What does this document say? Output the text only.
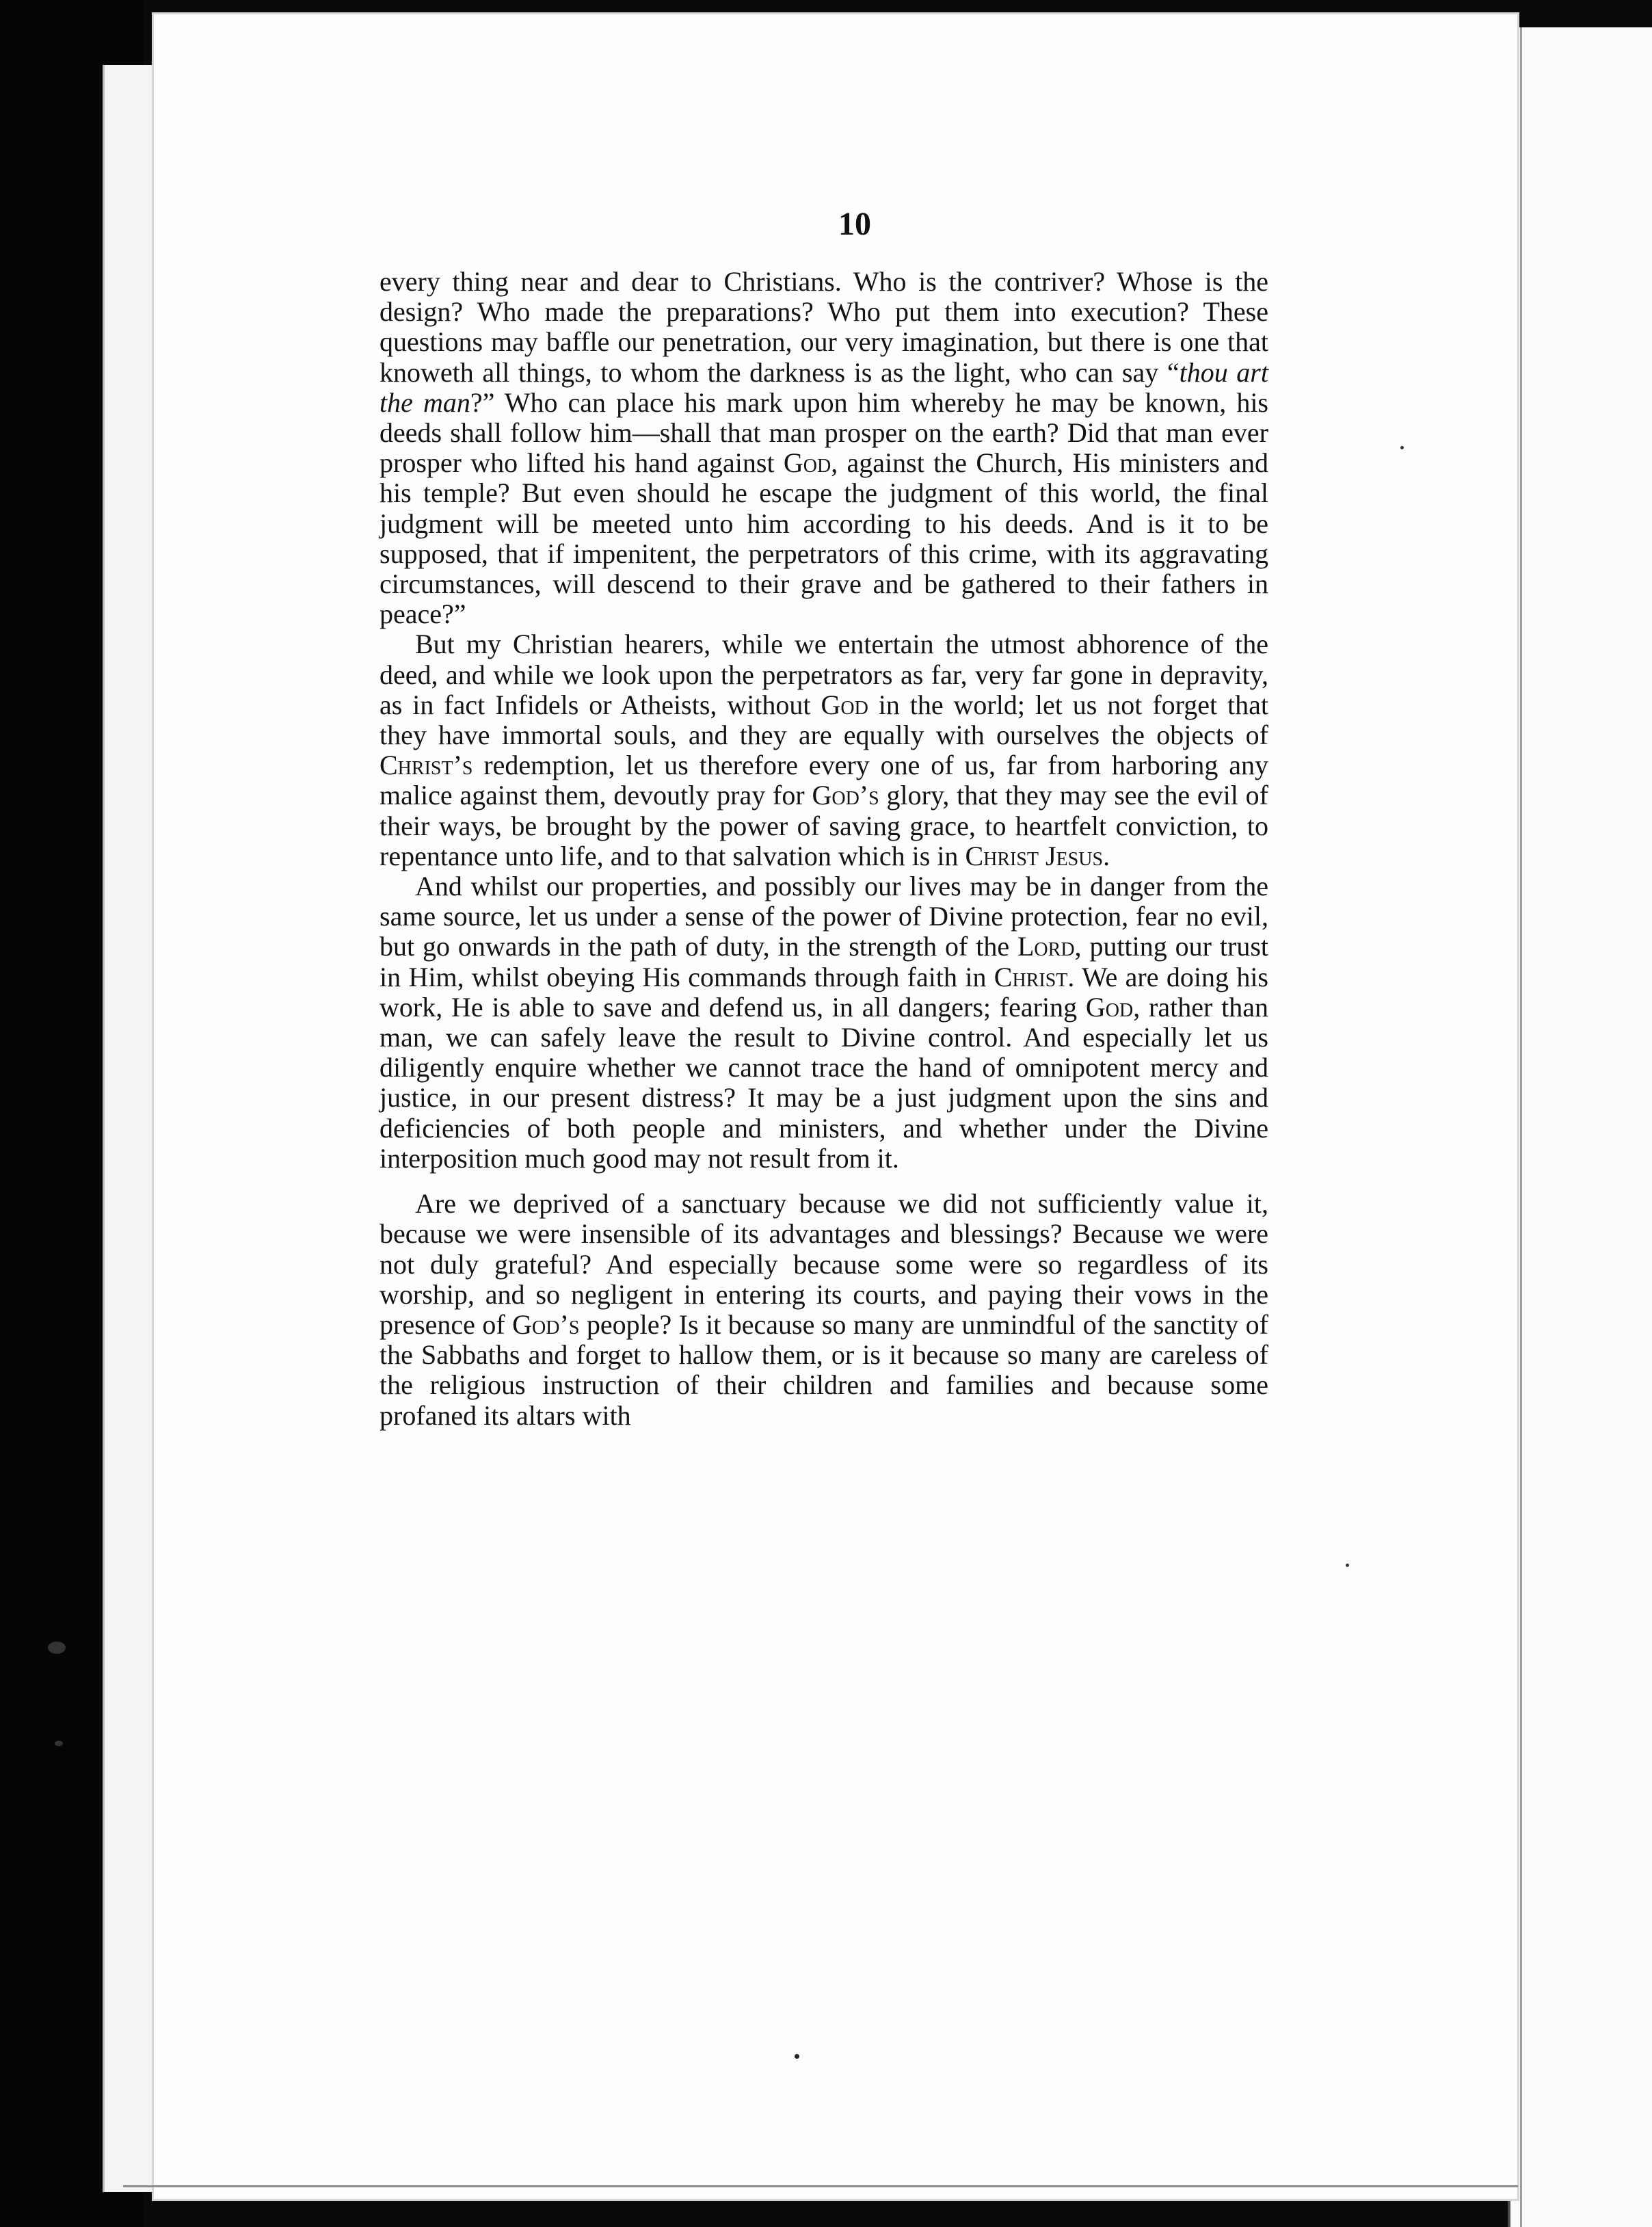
10

every thing near and dear to Christians. Who is the contriver? Whose is the design? Who made the preparations? Who put them into execution? These questions may baffle our penetration, our very imagination, but there is one that knoweth all things, to whom the darkness is as the light, who can say “thou art the man?” Who can place his mark upon him whereby he may be known, his deeds shall follow him—shall that man prosper on the earth? Did that man ever prosper who lifted his hand against God, against the Church, His ministers and his temple? But even should he escape the judgment of this world, the final judgment will be meeted unto him according to his deeds. And is it to be supposed, that if impenitent, the perpetrators of this crime, with its aggravating circumstances, will descend to their grave and be gathered to their fathers in peace?”

But my Christian hearers, while we entertain the utmost abhorence of the deed, and while we look upon the perpetrators as far, very far gone in depravity, as in fact Infidels or Atheists, without God in the world; let us not forget that they have immortal souls, and they are equally with ourselves the objects of Christ’s redemption, let us therefore every one of us, far from harboring any malice against them, devoutly pray for God’s glory, that they may see the evil of their ways, be brought by the power of saving grace, to heartfelt conviction, to repentance unto life, and to that salvation which is in Christ Jesus.

And whilst our properties, and possibly our lives may be in danger from the same source, let us under a sense of the power of Divine protection, fear no evil, but go onwards in the path of duty, in the strength of the Lord, putting our trust in Him, whilst obeying His commands through faith in Christ. We are doing his work, He is able to save and defend us, in all dangers; fearing God, rather than man, we can safely leave the result to Divine control. And especially let us diligently enquire whether we cannot trace the hand of omnipotent mercy and justice, in our present distress? It may be a just judgment upon the sins and deficiencies of both people and ministers, and whether under the Divine interposition much good may not result from it.

Are we deprived of a sanctuary because we did not sufficiently value it, because we were insensible of its advantages and blessings? Because we were not duly grateful? And especially because some were so regardless of its worship, and so negligent in entering its courts, and paying their vows in the presence of God’s people? Is it because so many are unmindful of the sanctity of the Sabbaths and forget to hallow them, or is it because so many are careless of the religious instruction of their children and families and because some profaned its altars with
